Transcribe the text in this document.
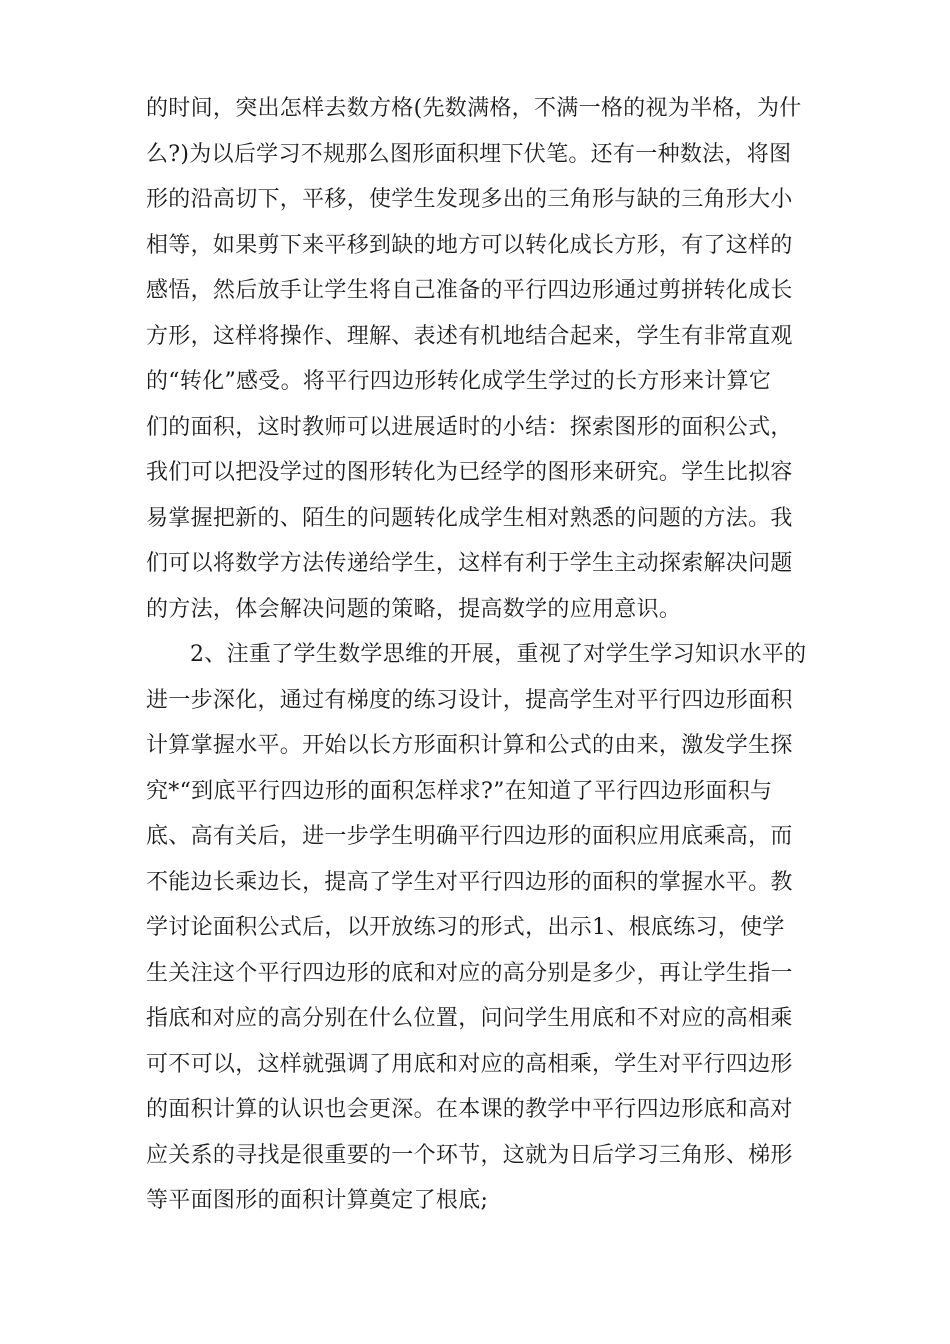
的时间，突出怎样去数方格(先数满格，不满一格的视为半格，为什
么?)为以后学习不规那么图形面积埋下伏笔。还有一种数法，将图
形的沿高切下，平移，使学生发现多出的三角形与缺的三角形大小
相等，如果剪下来平移到缺的地方可以转化成长方形，有了这样的
感悟，然后放手让学生将自己准备的平行四边形通过剪拼转化成长
方形，这样将操作、理解、表述有机地结合起来，学生有非常直观
的“转化”感受。将平行四边形转化成学生学过的长方形来计算它
们的面积，这时教师可以进展适时的小结：探索图形的面积公式，
我们可以把没学过的图形转化为已经学的图形来研究。学生比拟容
易掌握把新的、陌生的问题转化成学生相对熟悉的问题的方法。我
们可以将数学方法传递给学生，这样有利于学生主动探索解决问题
的方法，体会解决问题的策略，提高数学的应用意识。
2、注重了学生数学思维的开展，重视了对学生学习知识水平的
进一步深化，通过有梯度的练习设计，提高学生对平行四边形面积
计算掌握水平。开始以长方形面积计算和公式的由来，激发学生探
究*“到底平行四边形的面积怎样求?”在知道了平行四边形面积与
底、高有关后，进一步学生明确平行四边形的面积应用底乘高，而
不能边长乘边长，提高了学生对平行四边形的面积的掌握水平。教
学讨论面积公式后，以开放练习的形式，出示1、根底练习，使学
生关注这个平行四边形的底和对应的高分别是多少，再让学生指一
指底和对应的高分别在什么位置，问问学生用底和不对应的高相乘
可不可以，这样就强调了用底和对应的高相乘，学生对平行四边形
的面积计算的认识也会更深。在本课的教学中平行四边形底和高对
应关系的寻找是很重要的一个环节，这就为日后学习三角形、梯形
等平面图形的面积计算奠定了根底;
